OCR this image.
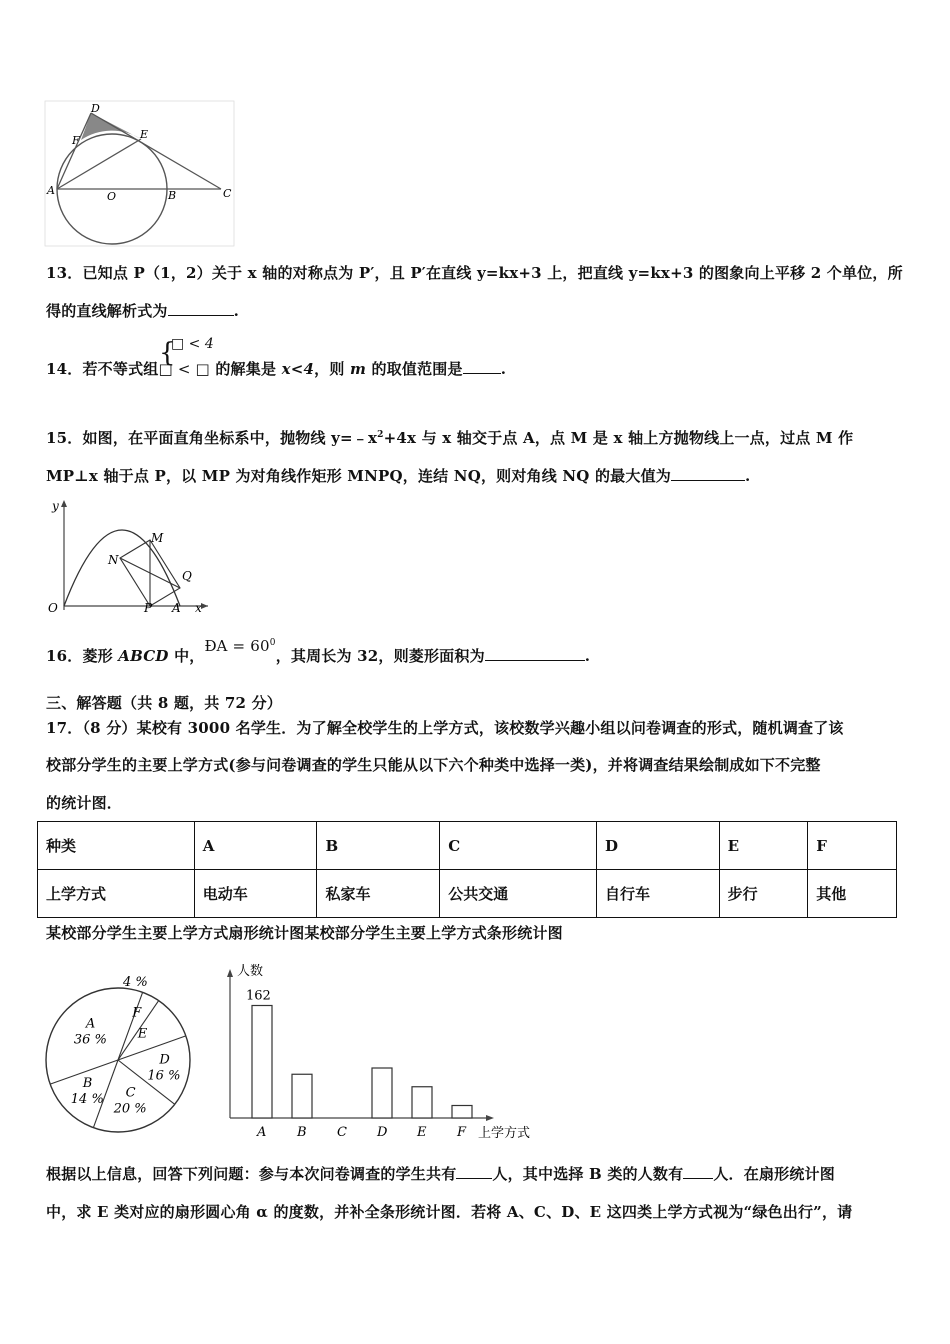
D
F	E
A	O	B	C
13．已知点 P（1，2）关于 x 轴的对称点为 P′，且 P′在直线 y=kx+3 上，把直线 y=kx+3 的图象向上平移 2 个单位，所
得的直线解析式为	.
{
□ < 4
14．若不等式组□ < □ 的解集是 x<4，则 m 的取值范围是	.
15．如图，在平面直角坐标系中，抛物线 $y=﹣x^2+4x$ 与 x 轴交于点 A，点 M 是 x 轴上方抛物线上一点，过点 M 作
MP⊥x 轴于点 P，以 MP 为对角线作矩形 MNPQ，连结 NQ，则对角线 NQ 的最大值为	.
y
M
N
Q
O	P A x
16．菱形 ABCD 中，ÐA = $60^0$，其周长为 32，则菱形面积为	.
三、解答题（共 8 题，共 72 分）
17．（8 分）某校有 3000 名学生．为了解全校学生的上学方式，该校数学兴趣小组以问卷调查的形式，随机调查了该
校部分学生的主要上学方式(参与问卷调查的学生只能从以下六个种类中选择一类)，并将调查结果绘制成如下不完整
的统计图．
种类	A	B	C	D	E	F
上学方式	电动车	私家车	公共交通	自行车	步行	其他
某校部分学生主要上学方式扇形统计图某校部分学生主要上学方式条形统计图
F
4 %
E
D
16 %
C
20 %
B
14 %
A
36 %
人数
上学方式
A
162
B C D E F
根据以上信息，回答下列问题：参与本次问卷调查的学生共有 人，其中选择 B 类的人数有 人．在扇形统计图
中，求 E 类对应的扇形圆心角 α 的度数，并补全条形统计图．若将 A、C、D、E 这四类上学方式视为“绿色出行”，请
